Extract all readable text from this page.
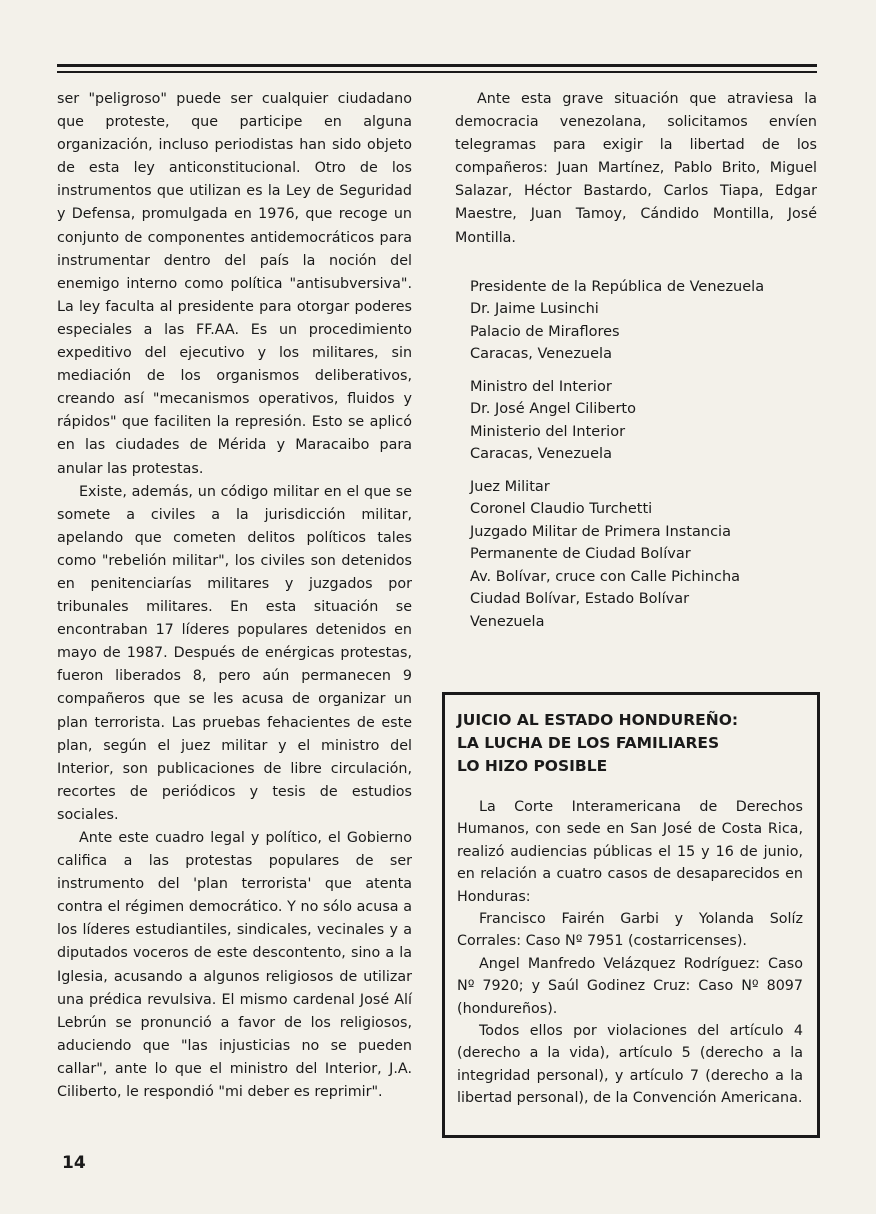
ser "peligroso" puede ser cualquier ciudadano que proteste, que participe en alguna organización, incluso periodistas han sido objeto de esta ley anticonstitucional. Otro de los instrumentos que utilizan es la Ley de Seguridad y Defensa, promulgada en 1976, que recoge un conjunto de componentes antidemocráticos para instrumentar dentro del país la noción del enemigo interno como política "antisubversiva". La ley faculta al presidente para otorgar poderes especiales a las FF.AA. Es un procedimiento expeditivo del ejecutivo y los militares, sin mediación de los organismos deliberativos, creando así "mecanismos operativos, fluidos y rápidos" que faciliten la represión. Esto se aplicó en las ciudades de Mérida y Maracaibo para anular las protestas.

Existe, además, un código militar en el que se somete a civiles a la jurisdicción militar, apelando que cometen delitos políticos tales como "rebelión militar", los civiles son detenidos en penitenciarías militares y juzgados por tribunales militares. En esta situación se encontraban 17 líderes populares detenidos en mayo de 1987. Después de enérgicas protestas, fueron liberados 8, pero aún permanecen 9 compañeros que se les acusa de organizar un plan terrorista. Las pruebas fehacientes de este plan, según el juez militar y el ministro del Interior, son publicaciones de libre circulación, recortes de periódicos y tesis de estudios sociales.

Ante este cuadro legal y político, el Gobierno califica a las protestas populares de ser instrumento del 'plan terrorista' que atenta contra el régimen democrático. Y no sólo acusa a los líderes estudiantiles, sindicales, vecinales y a diputados voceros de este descontento, sino a la Iglesia, acusando a algunos religiosos de utilizar una prédica revulsiva. El mismo cardenal José Alí Lebrún se pronunció a favor de los religiosos, aduciendo que "las injusticias no se pueden callar", ante lo que el ministro del Interior, J.A. Ciliberto, le respondió "mi deber es reprimir".

Ante esta grave situación que atraviesa la democracia venezolana, solicitamos envíen telegramas para exigir la libertad de los compañeros: Juan Martínez, Pablo Brito, Miguel Salazar, Héctor Bastardo, Carlos Tiapa, Edgar Maestre, Juan Tamoy, Cándido Montilla, José Montilla.

Presidente de la República de Venezuela
Dr. Jaime Lusinchi
Palacio de Miraflores
Caracas, Venezuela
Ministro del Interior
Dr. José Angel Ciliberto
Ministerio del Interior
Caracas, Venezuela
Juez Militar
Coronel Claudio Turchetti
Juzgado Militar de Primera Instancia
Permanente de Ciudad Bolívar
Av. Bolívar, cruce con Calle Pichincha
Ciudad Bolívar, Estado Bolívar
Venezuela
JUICIO AL ESTADO HONDUREÑO:
LA LUCHA DE LOS FAMILIARES
LO HIZO POSIBLE

La Corte Interamericana de Derechos Humanos, con sede en San José de Costa Rica, realizó audiencias públicas el 15 y 16 de junio, en relación a cuatro casos de desaparecidos en Honduras:

Francisco Fairén Garbi y Yolanda Solíz Corrales: Caso Nº 7951 (costarricenses).

Angel Manfredo Velázquez Rodríguez: Caso Nº 7920; y Saúl Godinez Cruz: Caso Nº 8097 (hondureños).

Todos ellos por violaciones del artículo 4 (derecho a la vida), artículo 5 (derecho a la integridad personal), y artículo 7 (derecho a la libertad personal), de la Convención Americana.

14
